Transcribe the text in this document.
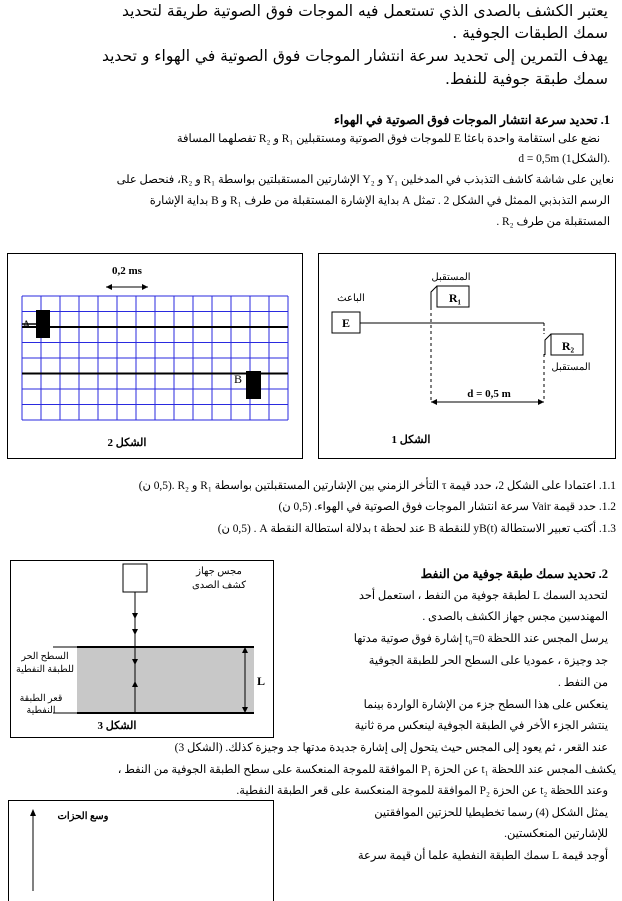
يعتبر الكشف بالصدى الذي تستعمل فيه الموجات فوق الصوتية طريقة لتحديد
سمك الطبقات الجوفية .
يهدف التمرين إلى تحديد سرعة انتشار الموجات فوق الصوتية في الهواء و تحديد
سمك طبقة جوفية للنفط.
1. تحديد سرعة انتشار الموجات فوق الصوتية في الهواء
نضع على استقامة واحدة باعثا E للموجات فوق الصوتية ومستقبلين R₁ و R₂ تفصلهما المسافة
d = 0,5m (الشكل1).
نعاين على شاشة كاشف التذبذب في المدخلين Y₁ و Y₂ الإشارتين المستقبلتين بواسطة R₁ و R₂، فنحصل على
الرسم التذبذبي الممثل في الشكل 2 . تمثل A بداية الإشارة المستقبلة من طرف R₁ و B بداية الإشارة
المستقبلة من طرف R₂ .
0,2 ms
A
B
الشكل 2
R₁
المستقبل
E
الباعث
R₂
المستقبل
d = 0,5 m
الشكل 1
1.1. اعتمادا على الشكل 2، حدد قيمة τ التأخر الزمني بين الإشارتين المستقبلتين بواسطة R₁ و R₂ .(0,5 ن)
1.2. حدد قيمة Vair سرعة انتشار الموجات فوق الصوتية في الهواء. (0,5 ن)
1.3. أكتب تعبير الاستطالة yB(t) للنقطة B عند لحظة t بدلالة استطالة النقطة A . (0,5 ن)
مجس جهاز
كشف الصدى
L
السطح الحر
للطبقة النفطية
قعر الطبقة
النفطية
الشكل 3
2. تحديد سمك طبقة جوفية من النفط
لتحديد السمك L لطبقة جوفية من النفط ، استعمل أحد
المهندسين مجس جهاز الكشف بالصدى .
يرسل المجس عند اللحظة t₀=0 إشارة فوق صوتية مدتها
جد وجيزة ، عموديا على السطح الحر للطبقة الجوفية
من النفط .
ينعكس على هذا السطح جزء من الإشارة الواردة بينما
ينتشر الجزء الأخر في الطبقة الجوفية لينعكس مرة ثانية
عند القعر ، ثم يعود إلى المجس حيث يتحول إلى إشارة جديدة مدتها جد وجيزة كذلك. (الشكل 3)
يكشف المجس عند اللحظة t₁ عن الحزة P₁ الموافقة للموجة المنعكسة على سطح الطبقة الجوفية من النفط ،
وعند اللحظة t₂ عن الحزة P₂ الموافقة للموجة المنعكسة على قعر الطبقة النفطية.
يمثل الشكل (4) رسما تخطيطيا للحزتين الموافقتين
للإشارتين المنعكستين.
أوجد قيمة L سمك الطبقة النفطية علما أن قيمة سرعة
وسع الحزات
